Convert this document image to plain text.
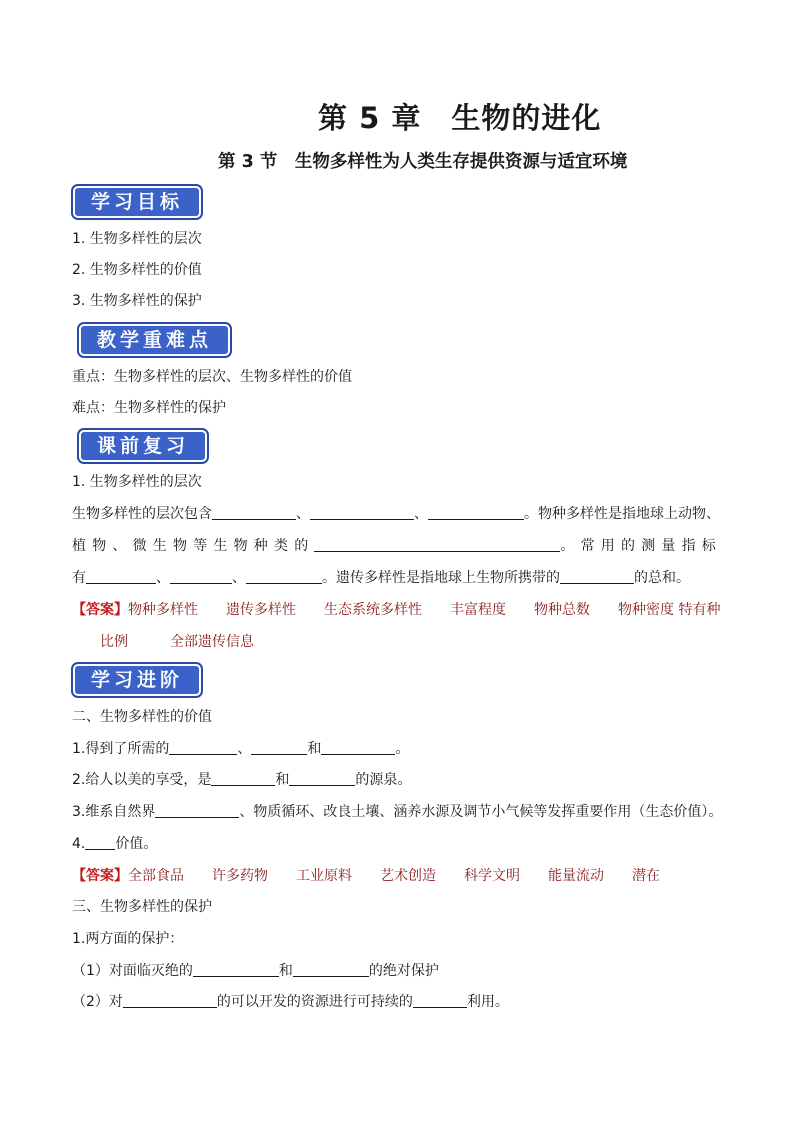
第 5 章　生物的进化
第 3 节　生物多样性为人类生存提供资源与适宜环境
学习目标

1. 生物多样性的层次

2. 生物多样性的价值

3. 生物多样性的保护

教学重难点

重点：生物多样性的层次、生物多样性的价值

难点：生物多样性的保护

课前复习

1. 生物多样性的层次

生物多样性的层次包含	、	、	。物种多样性是指地球上动物、

植物、微生物等生物种类的	。常用的测量指标

有	、	、	。遗传多样性是指地球上生物所携带的	的总和。

【答案】物种多样性　　遗传多样性　　生态系统多样性　　丰富程度　　物种总数　　物种密度 特有种

比例　　　全部遗传信息

学习进阶

二、生物多样性的价值

1.得到了所需的	、	和	。

2.给人以美的享受，是	和	的源泉。

3.维系自然界	、物质循环、改良土壤、涵养水源及调节小气候等发挥重要作用（生态价值）。

4. 价值。

【答案】全部食品　　许多药物　　工业原料　　艺术创造　　科学文明　　能量流动　　潜在

三、生物多样性的保护

1.两方面的保护：

（1）对面临灭绝的	和	的绝对保护

（2）对	的可以开发的资源进行可持续的	利用。
